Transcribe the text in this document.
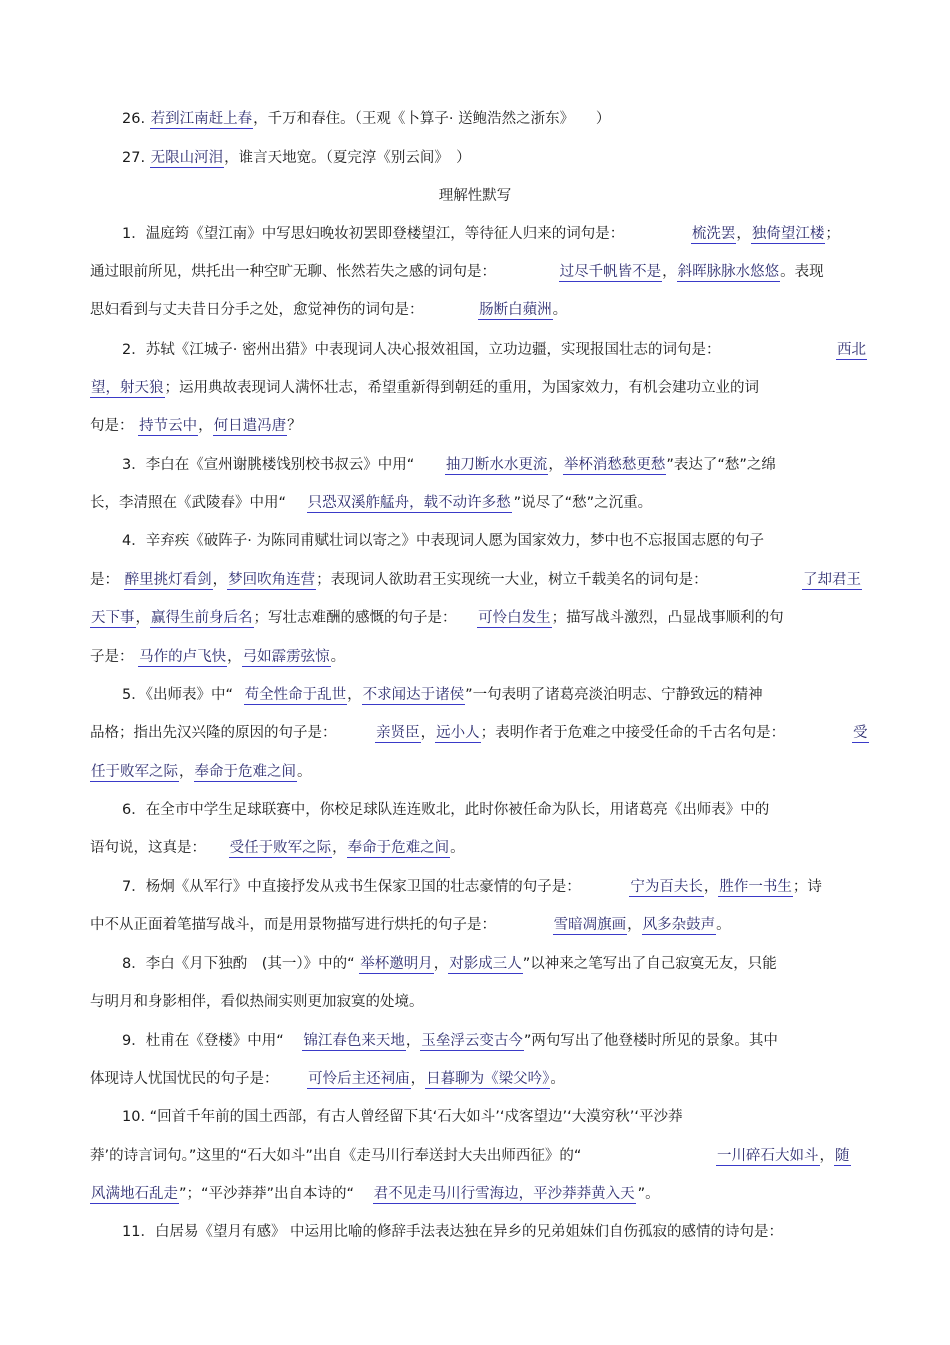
26. 若到江南赶上春，千万和春住。（王观《卜算子· 送鲍浩然之浙东》　　）
27. 无限山河泪，谁言天地宽。（夏完淳《别云间》　）
理解性默写
1．温庭筠《望江南》中写思妇晚妆初罢即登楼望江，等待征人归来的词句是：	梳洗罢，独倚望江楼；
通过眼前所见，烘托出一种空旷无聊、怅然若失之感的词句是：	过尽千帆皆不是，斜晖脉脉水悠悠。表现
思妇看到与丈夫昔日分手之处，愈觉神伤的词句是：	肠断白蘋洲。
2．苏轼《江城子· 密州出猎》中表现词人决心报效祖国，立功边疆，实现报国壮志的词句是：	西北
望，射天狼；运用典故表现词人满怀壮志，希望重新得到朝廷的重用，为国家效力，有机会建功立业的词
句是： 持节云中，何日遣冯唐？
3．李白在《宣州谢朓楼饯别校书叔云》中用“ 抽刀断水水更流，举杯消愁愁更愁”表达了“愁”之绵
长，李清照在《武陵春》中用“ 只恐双溪舴艋舟，载不动许多愁 ”说尽了“愁”之沉重。
4．辛弃疾《破阵子· 为陈同甫赋壮词以寄之》中表现词人愿为国家效力，梦中也不忘报国志愿的句子
是： 醉里挑灯看剑，梦回吹角连营；表现词人欲助君王实现统一大业，树立千载美名的词句是：	了却君王
天下事，赢得生前身后名；写壮志难酬的感慨的句子是： 可怜白发生；描写战斗激烈，凸显战事顺利的句
子是： 马作的卢飞快，弓如霹雳弦惊。
5．《出师表》中“ 苟全性命于乱世，不求闻达于诸侯”一句表明了诸葛亮淡泊明志、宁静致远的精神
品格；指出先汉兴隆的原因的句子是：	亲贤臣，远小人；表明作者于危难之中接受任命的千古名句是：	受
任于败军之际，奉命于危难之间。
6．在全市中学生足球联赛中，你校足球队连连败北，此时你被任命为队长，用诸葛亮《出师表》中的
语句说，这真是： 受任于败军之际，奉命于危难之间。
7．杨炯《从军行》中直接抒发从戎书生保家卫国的壮志豪情的句子是：	宁为百夫长，胜作一书生；诗
中不从正面着笔描写战斗，而是用景物描写进行烘托的句子是：	雪暗凋旗画，风多杂鼓声。
8．李白《月下独酌　(其一）》中的“ 举杯邀明月，对影成三人”以神来之笔写出了自己寂寞无友，只能
与明月和身影相伴，看似热闹实则更加寂寞的处境。
9．杜甫在《登楼》中用“ 锦江春色来天地，玉垒浮云变古今”两句写出了他登楼时所见的景象。其中
体现诗人忧国忧民的句子是： 可怜后主还祠庙，日暮聊为《梁父吟》。
10. “回首千年前的国土西部，有古人曾经留下其‘石大如斗’‘戍客望边’‘大漠穷秋’‘平沙莽
莽’的诗言词句。”这里的“石大如斗”出自《走马川行奉送封大夫出师西征》的“	一川碎石大如斗，随
风满地石乱走”；“平沙莽莽”出自本诗的“ 君不见走马川行雪海边，平沙莽莽黄入天 ”。
11．白居易《望月有感》 中运用比喻的修辞手法表达独在异乡的兄弟姐妹们自伤孤寂的感情的诗句是：
